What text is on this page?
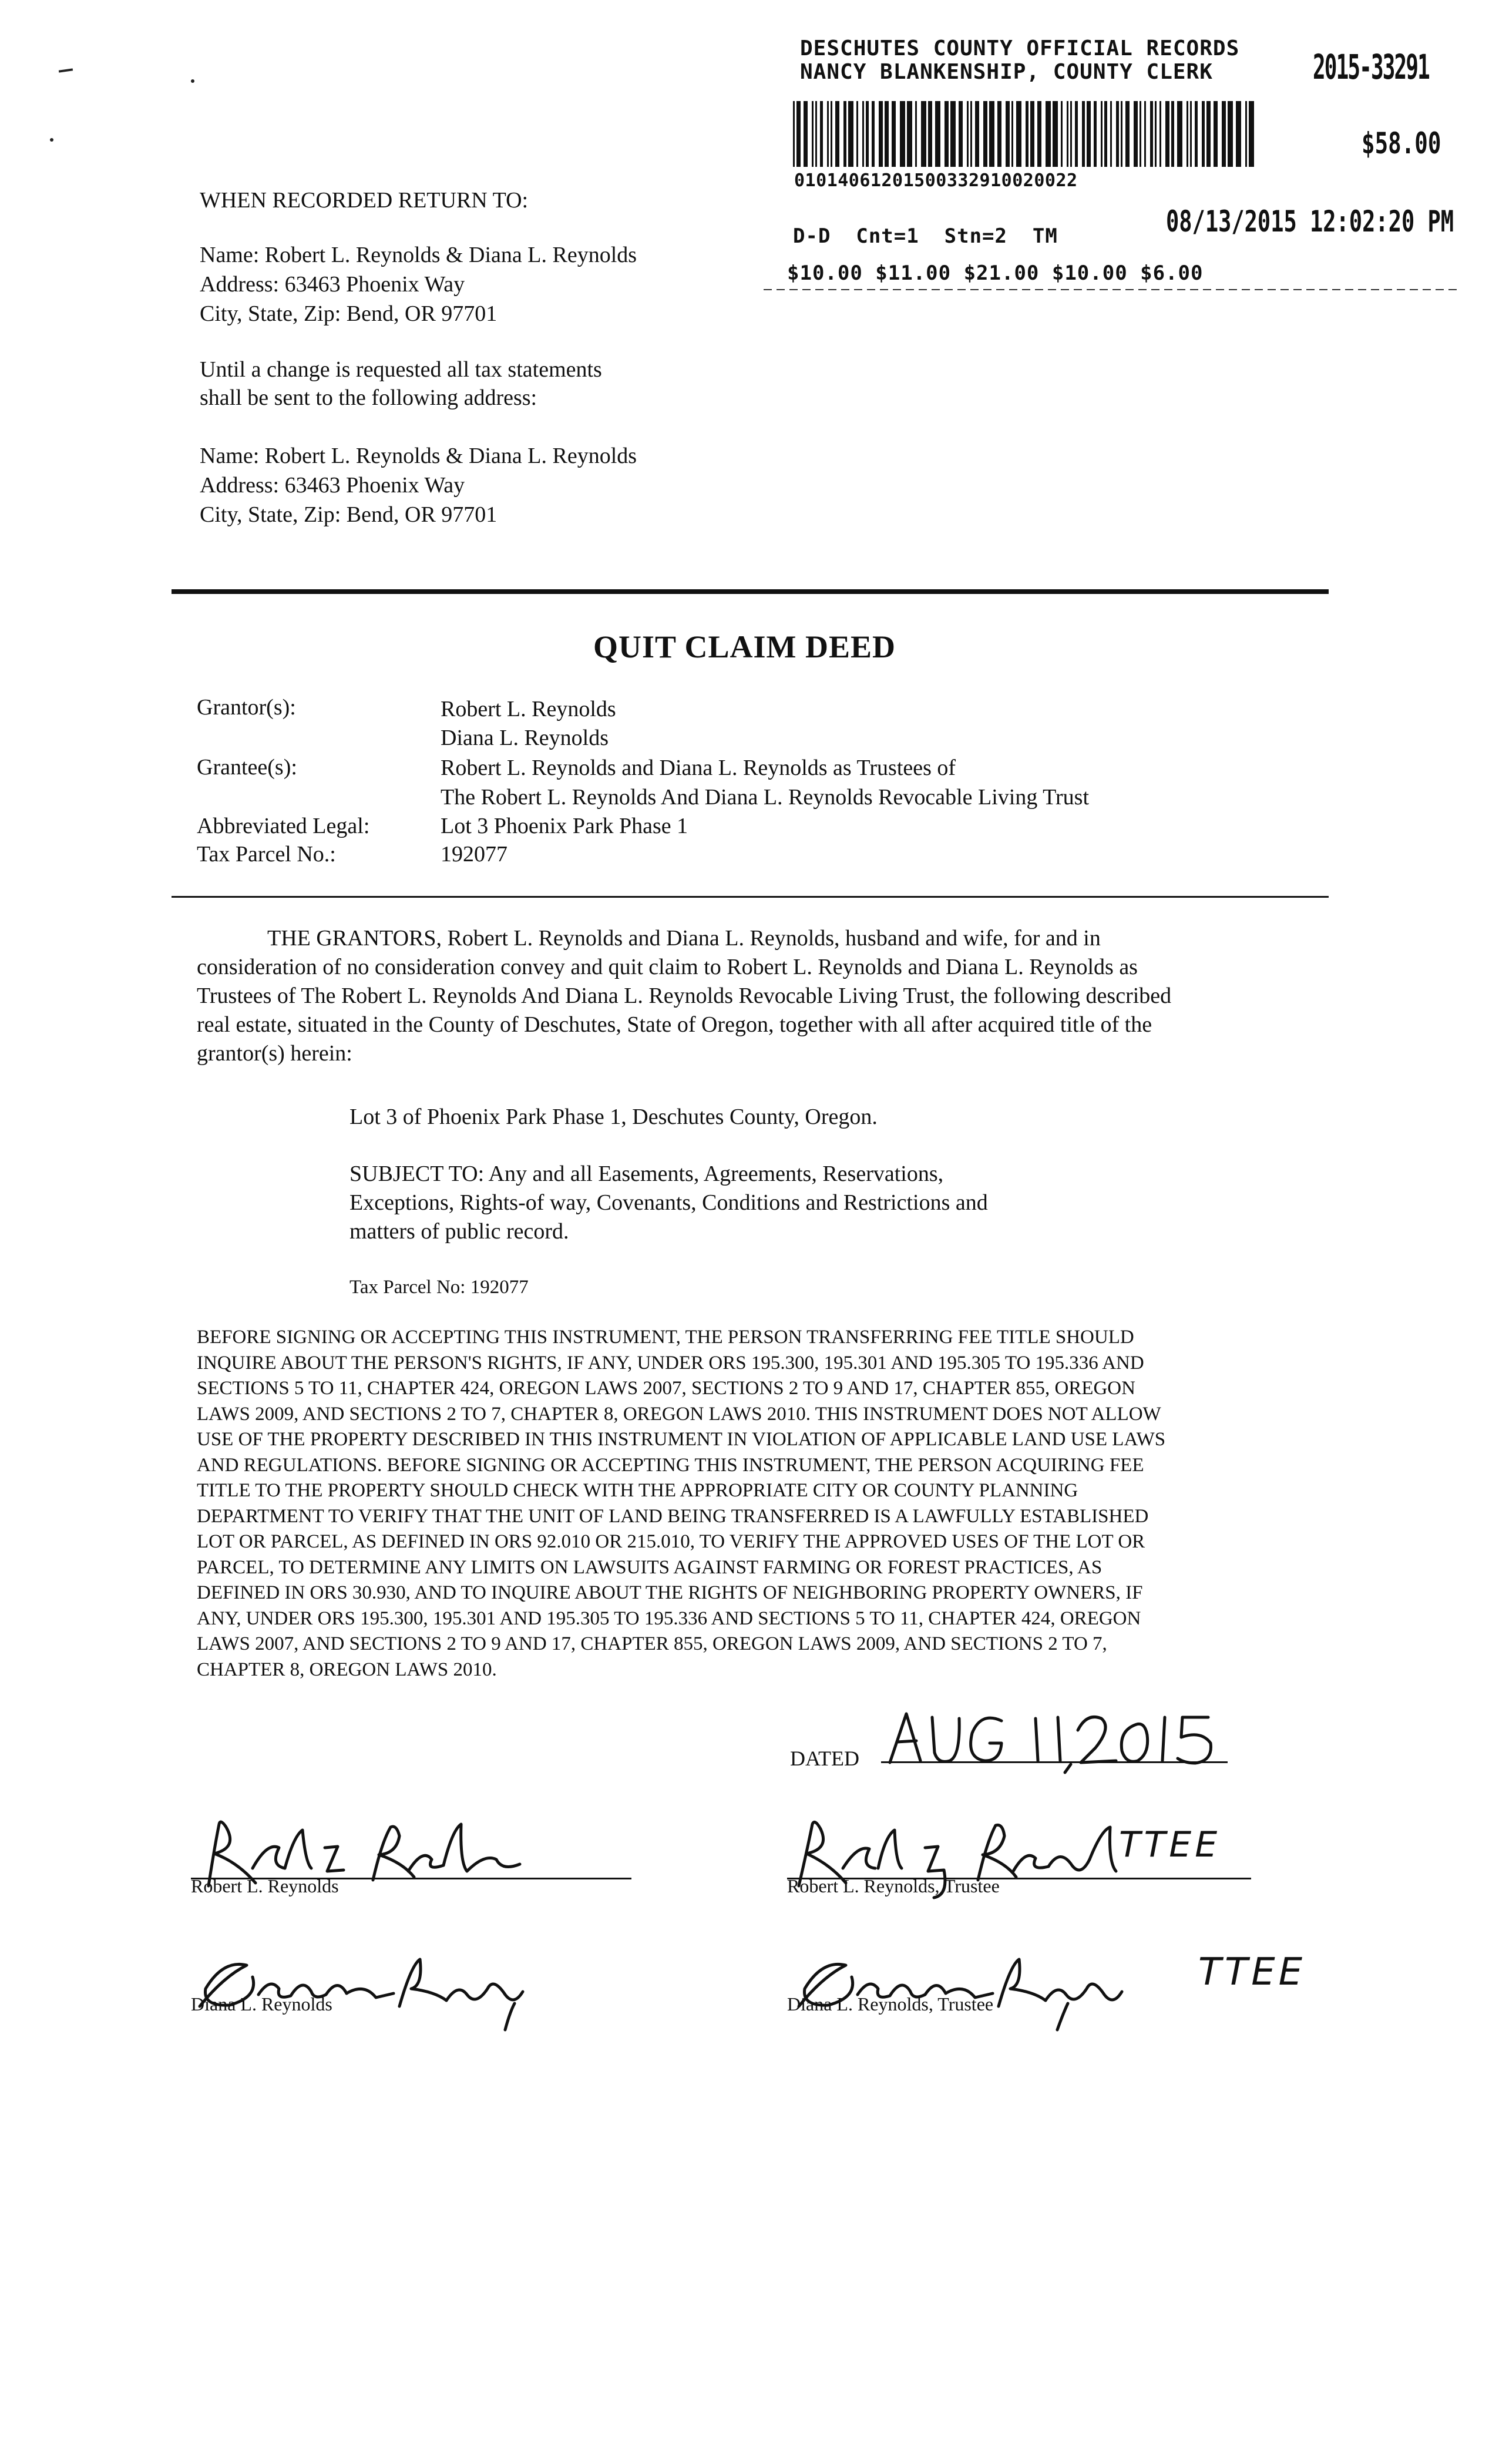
DESCHUTES COUNTY OFFICIAL RECORDS
NANCY BLANKENSHIP, COUNTY CLERK	2015-33291
$58.00
01014061201500332910020022
08/13/2015 12:02:20 PM
D-D  Cnt=1  Stn=2  TM
$10.00 $11.00 $21.00 $10.00 $6.00
WHEN RECORDED RETURN TO:
Name: Robert L. Reynolds & Diana L. Reynolds
Address: 63463 Phoenix Way
City, State, Zip: Bend, OR 97701
Until a change is requested all tax statements
shall be sent to the following address:
Name: Robert L. Reynolds & Diana L. Reynolds
Address: 63463 Phoenix Way
City, State, Zip: Bend, OR 97701
QUIT CLAIM DEED
Grantor(s):	Robert L. Reynolds
Diana L. Reynolds
Grantee(s):	Robert L. Reynolds and Diana L. Reynolds as Trustees of
The Robert L. Reynolds And Diana L. Reynolds Revocable Living Trust
Abbreviated Legal:	Lot 3 Phoenix Park Phase 1
Tax Parcel No.:	192077
THE GRANTORS, Robert L. Reynolds and Diana L. Reynolds, husband and wife, for and in
consideration of no consideration convey and quit claim to Robert L. Reynolds and Diana L. Reynolds as
Trustees of The Robert L. Reynolds And Diana L. Reynolds Revocable Living Trust, the following described
real estate, situated in the County of Deschutes, State of Oregon, together with all after acquired title of the
grantor(s) herein:
Lot 3 of Phoenix Park Phase 1, Deschutes County, Oregon.
SUBJECT TO: Any and all Easements, Agreements, Reservations,
Exceptions, Rights-of way, Covenants, Conditions and Restrictions and
matters of public record.
Tax Parcel No: 192077
BEFORE SIGNING OR ACCEPTING THIS INSTRUMENT, THE PERSON TRANSFERRING FEE TITLE SHOULD
INQUIRE ABOUT THE PERSON'S RIGHTS, IF ANY, UNDER ORS 195.300, 195.301 AND 195.305 TO 195.336 AND
SECTIONS 5 TO 11, CHAPTER 424, OREGON LAWS 2007, SECTIONS 2 TO 9 AND 17, CHAPTER 855, OREGON
LAWS 2009, AND SECTIONS 2 TO 7, CHAPTER 8, OREGON LAWS 2010. THIS INSTRUMENT DOES NOT ALLOW
USE OF THE PROPERTY DESCRIBED IN THIS INSTRUMENT IN VIOLATION OF APPLICABLE LAND USE LAWS
AND REGULATIONS. BEFORE SIGNING OR ACCEPTING THIS INSTRUMENT, THE PERSON ACQUIRING FEE
TITLE TO THE PROPERTY SHOULD CHECK WITH THE APPROPRIATE CITY OR COUNTY PLANNING
DEPARTMENT TO VERIFY THAT THE UNIT OF LAND BEING TRANSFERRED IS A LAWFULLY ESTABLISHED
LOT OR PARCEL, AS DEFINED IN ORS 92.010 OR 215.010, TO VERIFY THE APPROVED USES OF THE LOT OR
PARCEL, TO DETERMINE ANY LIMITS ON LAWSUITS AGAINST FARMING OR FOREST PRACTICES, AS
DEFINED IN ORS 30.930, AND TO INQUIRE ABOUT THE RIGHTS OF NEIGHBORING PROPERTY OWNERS, IF
ANY, UNDER ORS 195.300, 195.301 AND 195.305 TO 195.336 AND SECTIONS 5 TO 11, CHAPTER 424, OREGON
LAWS 2007, AND SECTIONS 2 TO 9 AND 17, CHAPTER 855, OREGON LAWS 2009, AND SECTIONS 2 TO 7,
CHAPTER 8, OREGON LAWS 2010.
DATED
Robert L. Reynolds
TTEE
Robert L. Reynolds, Trustee
Diana L. Reynolds
TTEE
Diana L. Reynolds, Trustee
